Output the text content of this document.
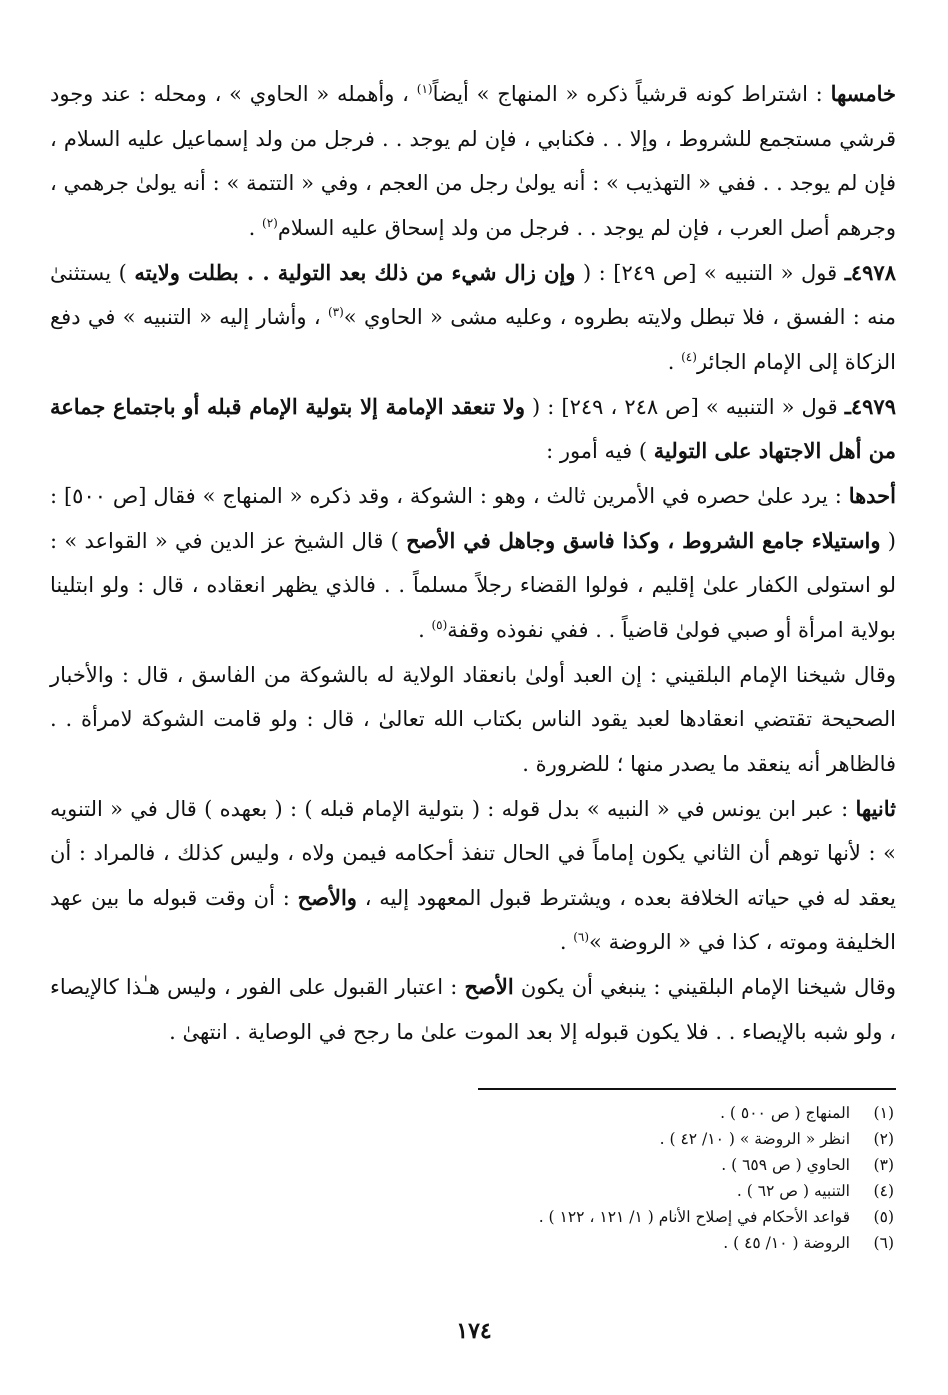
خامسها : اشتراط كونه قرشياً ذكره « المنهاج » أيضاً$^{(١)}$ ، وأهمله « الحاوي » ، ومحله : عند وجود قرشي مستجمع للشروط ، وإلا . . فكنابي ، فإن لم يوجد . . فرجل من ولد إسماعيل عليه السلام ، فإن لم يوجد . . ففي « التهذيب » : أنه يولىٰ رجل من العجم ، وفي « التتمة » : أنه يولىٰ جرهمي ، وجرهم أصل العرب ، فإن لم يوجد . . فرجل من ولد إسحاق عليه السلام$^{(٢)}$ .

٤٩٧٨ـ قول « التنبيه » [ص ٢٤٩] : ( وإن زال شيء من ذلك بعد التولية . . بطلت ولايته ) يستثنىٰ منه : الفسق ، فلا تبطل ولايته بطروه ، وعليه مشى « الحاوي »$^{(٣)}$ ، وأشار إليه « التنبيه » في دفع الزكاة إلى الإمام الجائر$^{(٤)}$ .

٤٩٧٩ـ قول « التنبيه » [ص ٢٤٨ ، ٢٤٩] : ( ولا تنعقد الإمامة إلا بتولية الإمام قبله أو باجتماع جماعة من أهل الاجتهاد على التولية ) فيه أمور :

أحدها : يرد علىٰ حصره في الأمرين ثالث ، وهو : الشوكة ، وقد ذكره « المنهاج » فقال [ص ٥٠٠] : ( واستيلاء جامع الشروط ، وكذا فاسق وجاهل في الأصح ) قال الشيخ عز الدين في « القواعد » : لو استولى الكفار علىٰ إقليم ، فولوا القضاء رجلاً مسلماً . . فالذي يظهر انعقاده ، قال : ولو ابتلينا بولاية امرأة أو صبي فولىٰ قاضياً . . ففي نفوذه وقفة$^{(٥)}$ .

وقال شيخنا الإمام البلقيني : إن العبد أولىٰ بانعقاد الولاية له بالشوكة من الفاسق ، قال : والأخبار الصحيحة تقتضي انعقادها لعبد يقود الناس بكتاب الله تعالىٰ ، قال : ولو قامت الشوكة لامرأة . . فالظاهر أنه ينعقد ما يصدر منها ؛ للضرورة .

ثانيها : عبر ابن يونس في « النبيه » بدل قوله : ( بتولية الإمام قبله ) : ( بعهده ) قال في « التنويه » : لأنها توهم أن الثاني يكون إماماً في الحال تنفذ أحكامه فيمن ولاه ، وليس كذلك ، فالمراد : أن يعقد له في حياته الخلافة بعده ، ويشترط قبول المعهود إليه ، والأصح : أن وقت قبوله ما بين عهد الخليفة وموته ، كذا في « الروضة »$^{(٦)}$ .

وقال شيخنا الإمام البلقيني : ينبغي أن يكون الأصح : اعتبار القبول على الفور ، وليس هـٰذا كالإيصاء ، ولو شبه بالإيصاء . . فلا يكون قبوله إلا بعد الموت علىٰ ما رجح في الوصاية . انتهىٰ .

(١)المنهاج ( ص ٥٠٠ ) .
(٢)انظر « الروضة » ( ١٠/ ٤٢ ) .
(٣)الحاوي ( ص ٦٥٩ ) .
(٤)التنبيه ( ص ٦٢ ) .
(٥)قواعد الأحكام في إصلاح الأنام ( ١/ ١٢١ ، ١٢٢ ) .
(٦)الروضة ( ١٠/ ٤٥ ) .
١٧٤
